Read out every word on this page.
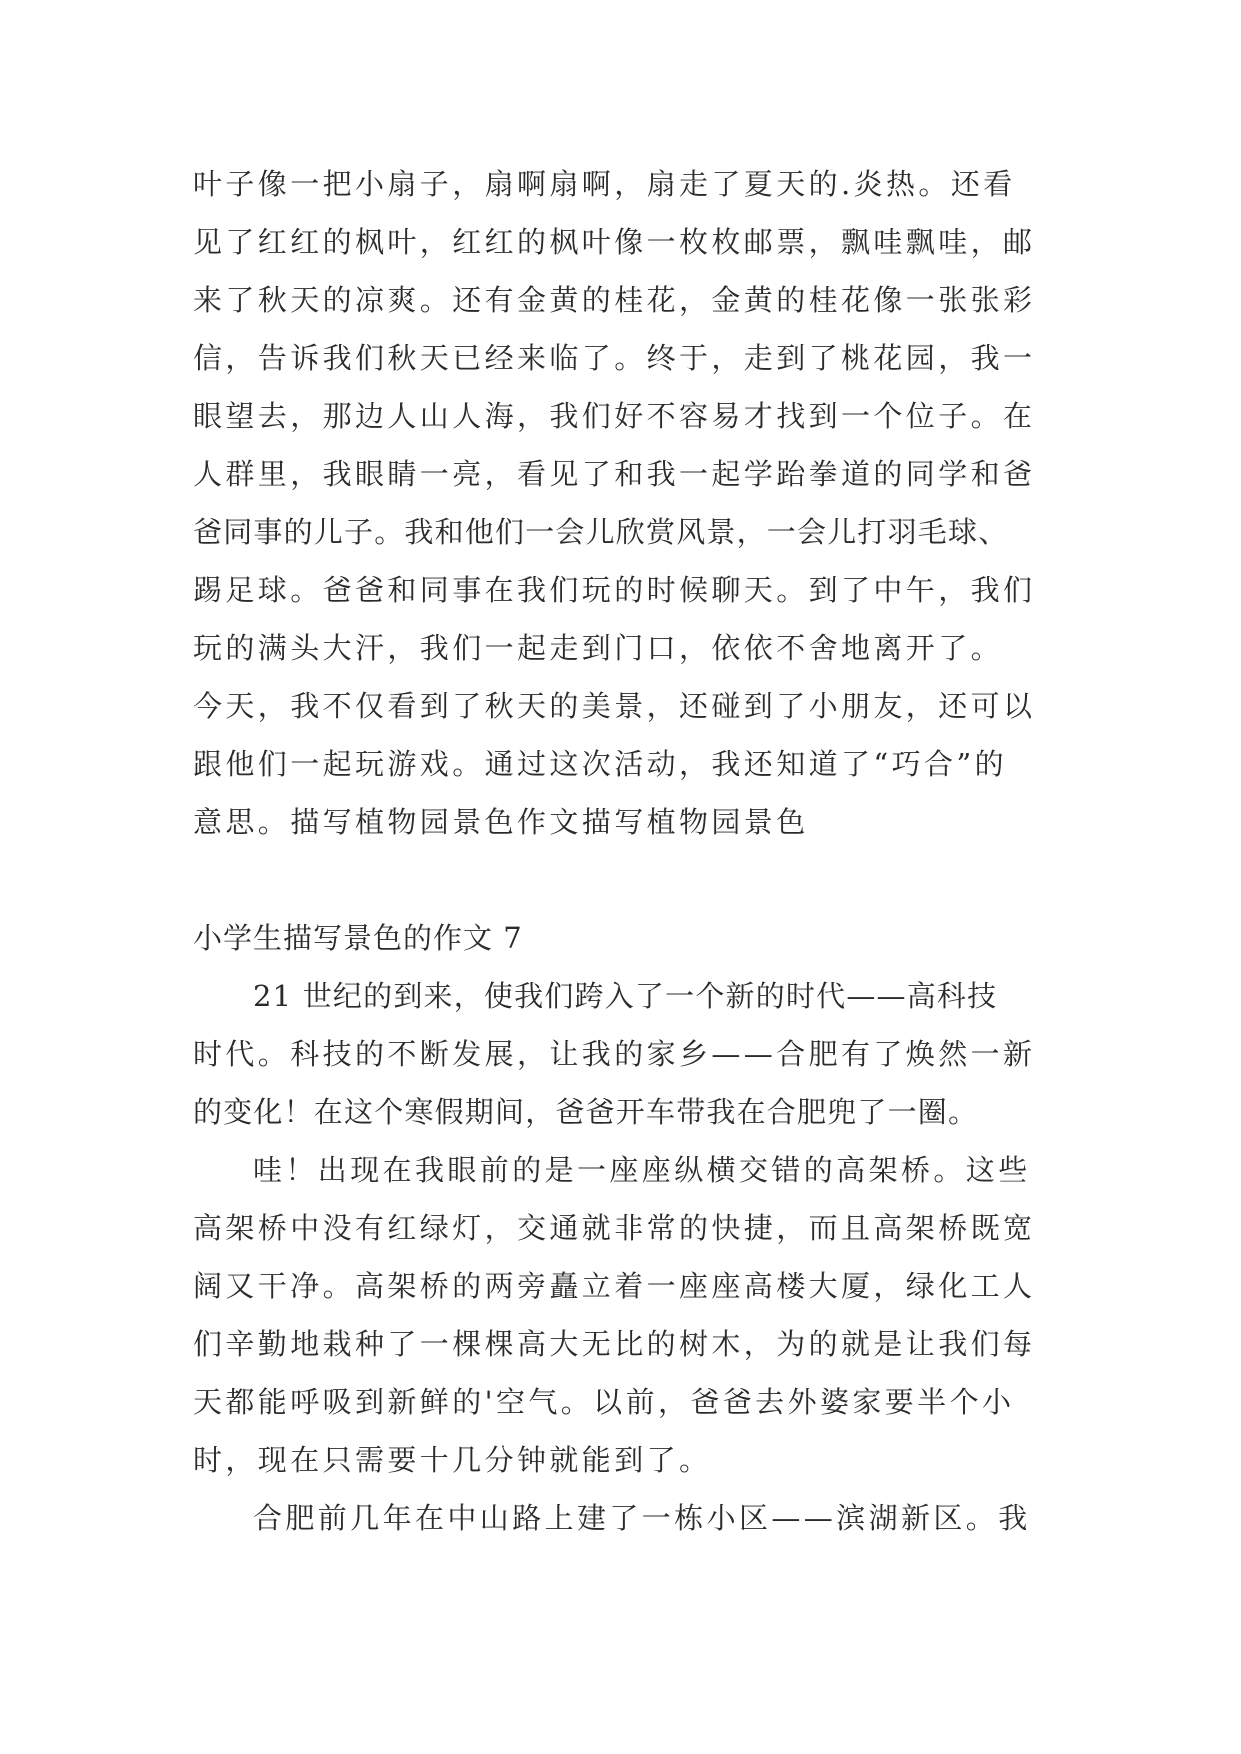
叶子像一把小扇子，扇啊扇啊，扇走了夏天的.炎热。还看
见了红红的枫叶，红红的枫叶像一枚枚邮票，飘哇飘哇，邮
来了秋天的凉爽。还有金黄的桂花，金黄的桂花像一张张彩
信，告诉我们秋天已经来临了。终于，走到了桃花园，我一
眼望去，那边人山人海，我们好不容易才找到一个位子。在
人群里，我眼睛一亮，看见了和我一起学跆拳道的同学和爸
爸同事的儿子。我和他们一会儿欣赏风景，一会儿打羽毛球、
踢足球。爸爸和同事在我们玩的时候聊天。到了中午，我们
玩的满头大汗，我们一起走到门口，依依不舍地离开了。
今天，我不仅看到了秋天的美景，还碰到了小朋友，还可以
跟他们一起玩游戏。通过这次活动，我还知道了“巧合”的
意思。描写植物园景色作文描写植物园景色
小学生描写景色的作文 7
21 世纪的到来，使我们跨入了一个新的时代——高科技
时代。科技的不断发展，让我的家乡——合肥有了焕然一新
的变化！在这个寒假期间，爸爸开车带我在合肥兜了一圈。
哇！出现在我眼前的是一座座纵横交错的高架桥。这些
高架桥中没有红绿灯，交通就非常的快捷，而且高架桥既宽
阔又干净。高架桥的两旁矗立着一座座高楼大厦，绿化工人
们辛勤地栽种了一棵棵高大无比的树木，为的就是让我们每
天都能呼吸到新鲜的'空气。以前，爸爸去外婆家要半个小
时，现在只需要十几分钟就能到了。
合肥前几年在中山路上建了一栋小区——滨湖新区。我
